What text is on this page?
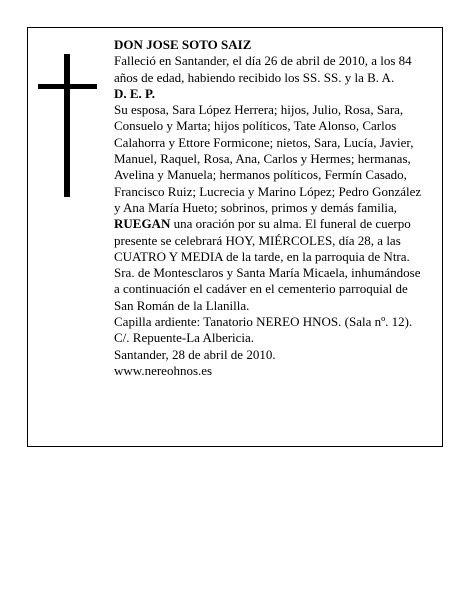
DON JOSE SOTO SAIZ

Falleció en Santander, el día 26 de abril de 2010, a los 84 años de edad, habiendo recibido los SS. SS. y la B. A.

D. E. P.

Su esposa, Sara López Herrera; hijos, Julio, Rosa, Sara, Consuelo y Marta; hijos políticos, Tate Alonso, Carlos Calahorra y Ettore Formicone; nietos, Sara, Lucía, Javier, Manuel, Raquel, Rosa, Ana, Carlos y Hermes; hermanas, Avelina y Manuela; hermanos políticos, Fermín Casado, Francisco Ruiz; Lucrecia y Marino López; Pedro González y Ana María Hueto; sobrinos, primos y demás familia,

RUEGAN una oración por su alma. El funeral de cuerpo presente se celebrará HOY, MIÉRCOLES, día 28, a las CUATRO Y MEDIA de la tarde, en la parroquia de Ntra. Sra. de Montesclaros y Santa María Micaela, inhumándose a continuación el cadáver en el cementerio parroquial de San Román de la Llanilla.

Capilla ardiente: Tanatorio NEREO HNOS. (Sala nº. 12). C/. Repuente-La Albericia.

Santander, 28 de abril de 2010.

www.nereohnos.es
